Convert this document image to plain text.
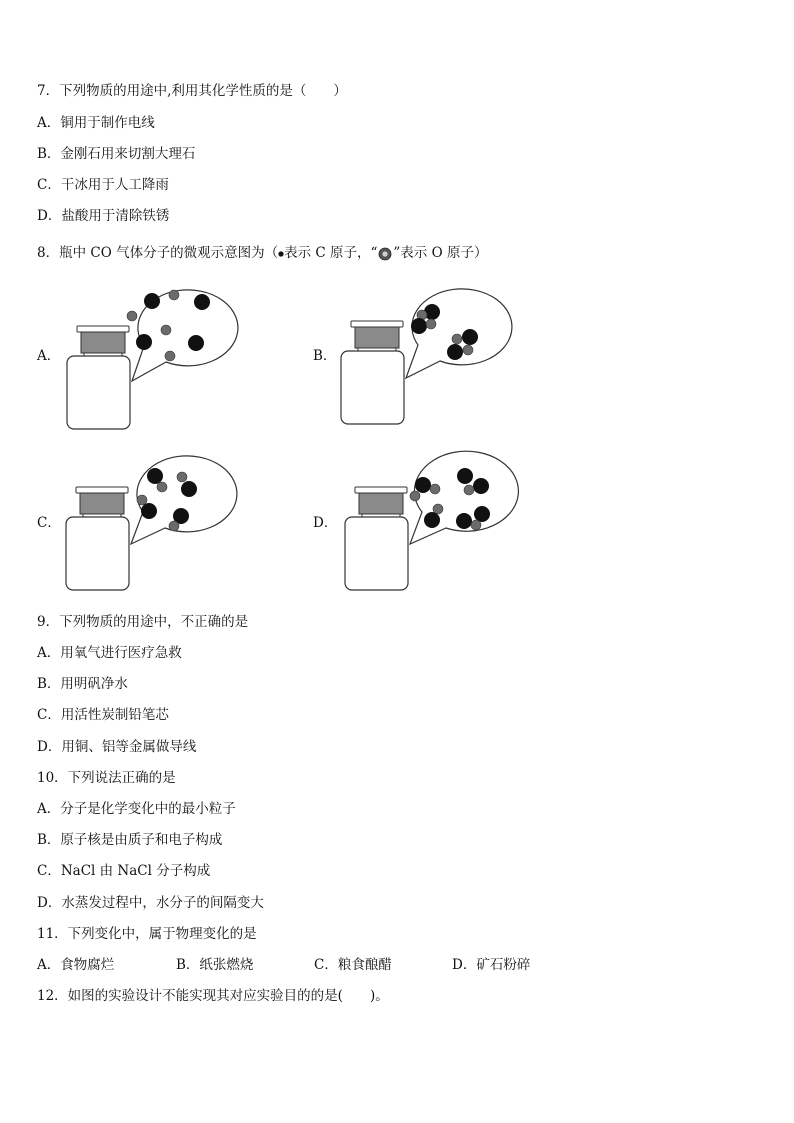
7．下列物质的用途中,利用其化学性质的是（　　）
A．铜用于制作电线
B．金刚石用来切割大理石
C．干冰用于人工降雨
D．盐酸用于清除铁锈
8．瓶中 CO 气体分子的微观示意图为（ 表示 C 原子，“ ”表示 O 原子）
A．	B．
C．	D．
9．下列物质的用途中，不正确的是
A．用氧气进行医疗急救
B．用明矾净水
C．用活性炭制铅笔芯
D．用铜、铝等金属做导线
10．下列说法正确的是
A．分子是化学变化中的最小粒子
B．原子核是由质子和电子构成
C．NaCl 由 NaCl 分子构成
D．水蒸发过程中，水分子的间隔变大
11．下列变化中，属于物理变化的是
A．食物腐烂	B．纸张燃烧	C．粮食酿醋	D．矿石粉碎
12．如图的实验设计不能实现其对应实验目的的是(　　)。
